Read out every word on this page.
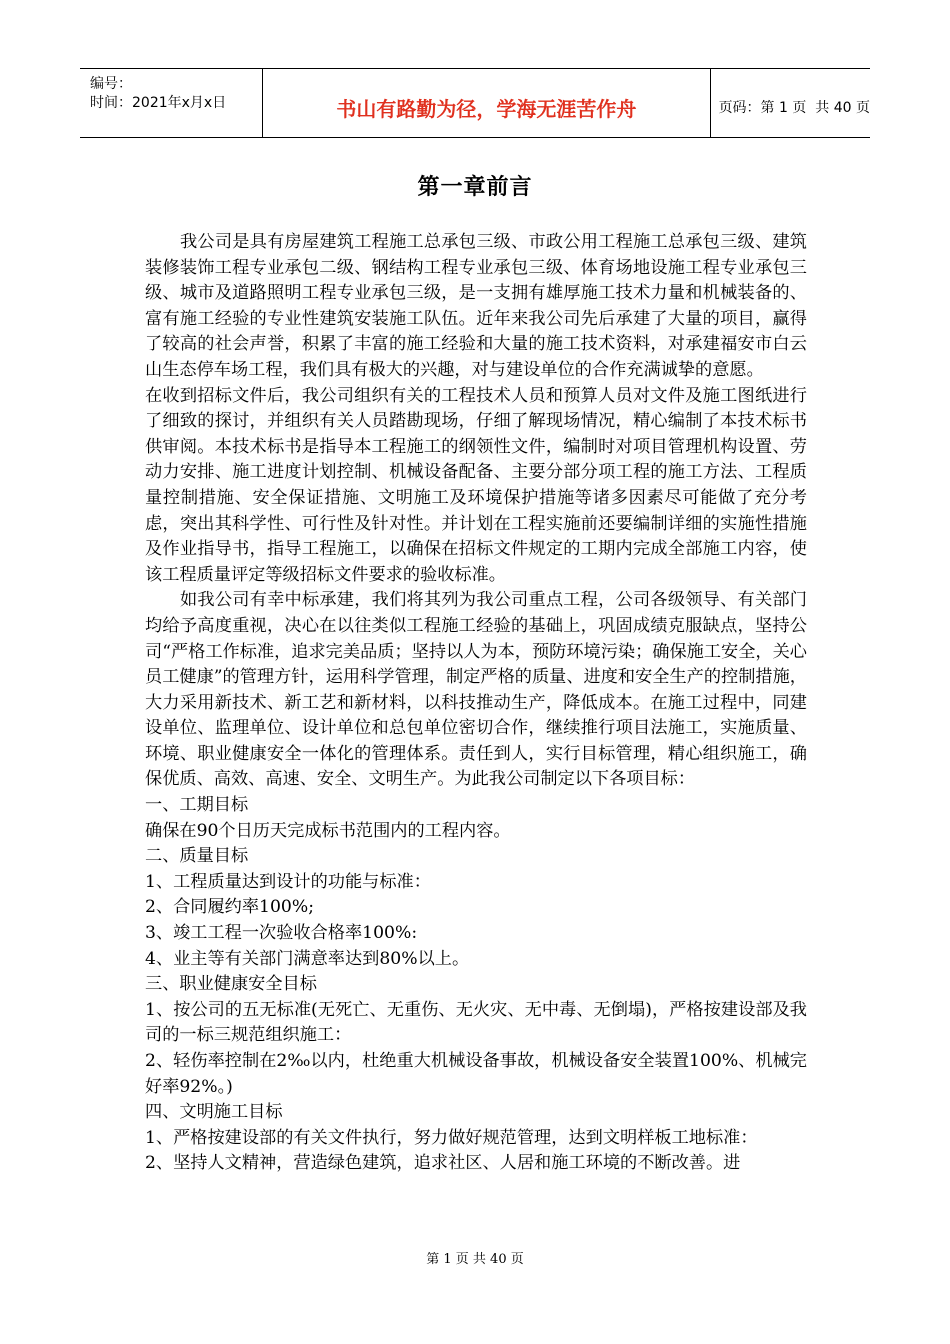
编号：
时间：2021年x月x日	书山有路勤为径，学海无涯苦作舟	页码：第 1 页  共 40 页
第一章前言

我公司是具有房屋建筑工程施工总承包三级、市政公用工程施工总承包三级、建筑装修装饰工程专业承包二级、钢结构工程专业承包三级、体育场地设施工程专业承包三级、城市及道路照明工程专业承包三级，是一支拥有雄厚施工技术力量和机械装备的、富有施工经验的专业性建筑安装施工队伍。近年来我公司先后承建了大量的项目，赢得了较高的社会声誉，积累了丰富的施工经验和大量的施工技术资料，对承建福安市白云山生态停车场工程，我们具有极大的兴趣，对与建设单位的合作充满诚挚的意愿。

在收到招标文件后，我公司组织有关的工程技术人员和预算人员对文件及施工图纸进行了细致的探讨，并组织有关人员踏勘现场，仔细了解现场情况，精心编制了本技术标书供审阅。本技术标书是指导本工程施工的纲领性文件，编制时对项目管理机构设置、劳动力安排、施工进度计划控制、机械设备配备、主要分部分项工程的施工方法、工程质量控制措施、安全保证措施、文明施工及环境保护措施等诸多因素尽可能做了充分考虑，突出其科学性、可行性及针对性。并计划在工程实施前还要编制详细的实施性措施及作业指导书，指导工程施工，以确保在招标文件规定的工期内完成全部施工内容，使该工程质量评定等级招标文件要求的验收标准。

如我公司有幸中标承建，我们将其列为我公司重点工程，公司各级领导、有关部门均给予高度重视，决心在以往类似工程施工经验的基础上，巩固成绩克服缺点，坚持公司“严格工作标准，追求完美品质；坚持以人为本，预防环境污染；确保施工安全，关心员工健康”的管理方针，运用科学管理，制定严格的质量、进度和安全生产的控制措施，大力采用新技术、新工艺和新材料，以科技推动生产，降低成本。在施工过程中，同建设单位、监理单位、设计单位和总包单位密切合作，继续推行项目法施工，实施质量、环境、职业健康安全一体化的管理体系。责任到人，实行目标管理，精心组织施工，确保优质、高效、高速、安全、文明生产。为此我公司制定以下各项目标：

一、工期目标

确保在90个日历天完成标书范围内的工程内容。

二、质量目标

1、工程质量达到设计的功能与标准：

2、合同履约率100%;

3、竣工工程一次验收合格率100%:

4、业主等有关部门满意率达到80%以上。

三、职业健康安全目标

1、按公司的五无标准(无死亡、无重伤、无火灾、无中毒、无倒塌)，严格按建设部及我司的一标三规范组织施工：

2、轻伤率控制在2‰以内，杜绝重大机械设备事故，机械设备安全装置100%、机械完好率92%。)

四、文明施工目标

1、严格按建设部的有关文件执行，努力做好规范管理，达到文明样板工地标准：

2、坚持人文精神，营造绿色建筑，追求社区、人居和施工环境的不断改善。进

第 1 页 共 40 页
